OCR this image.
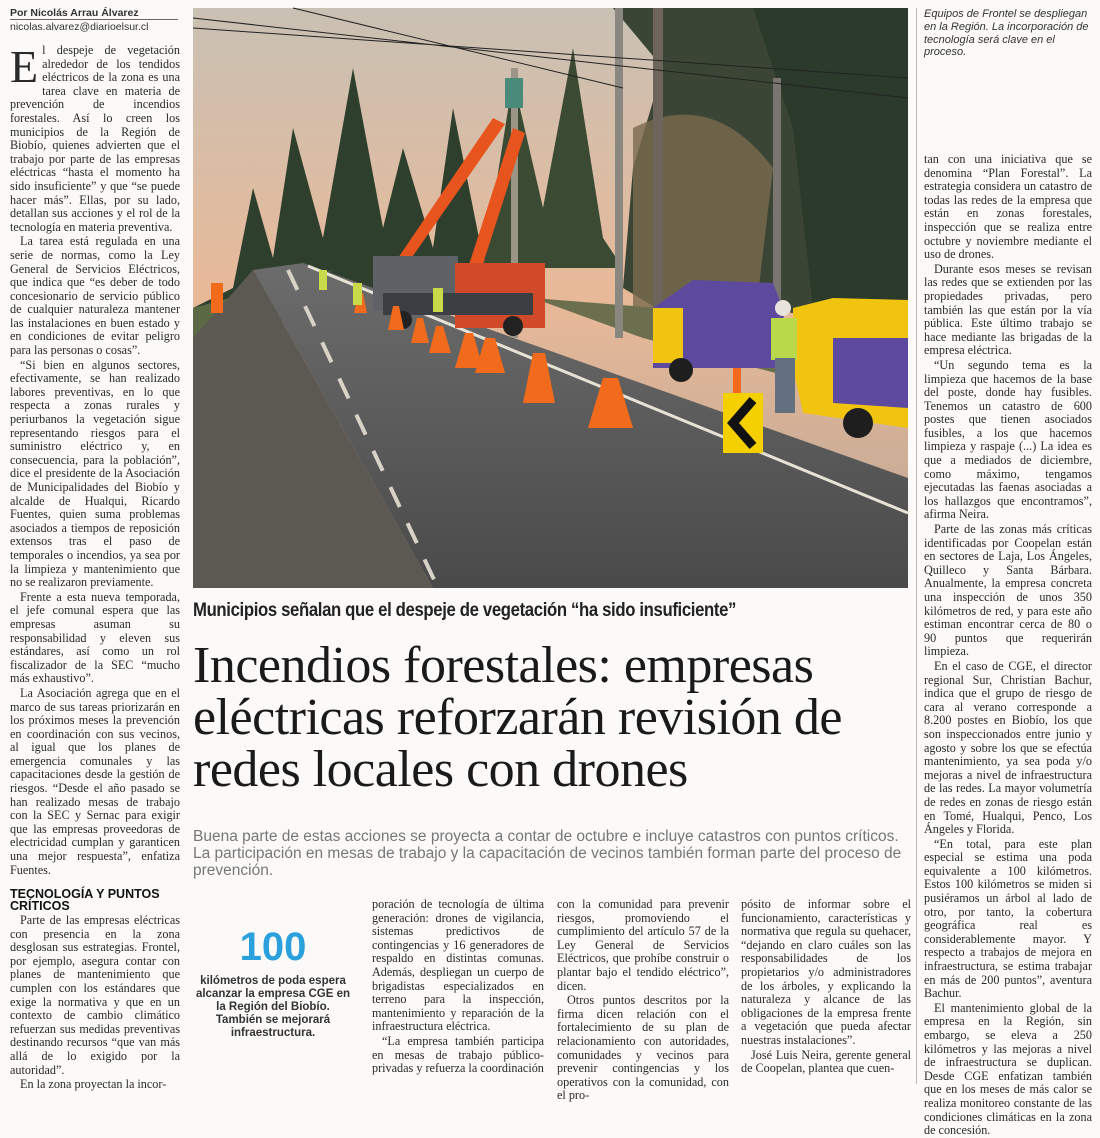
Por Nicolás Arrau Álvarez
nicolas.alvarez@diarioelsur.cl

El despeje de vegetación alrededor de los tendidos eléctricos de la zona es una tarea clave en materia de prevención de incendios forestales. Así lo creen los municipios de la Región de Biobío, quienes advierten que el trabajo por parte de las empresas eléctricas “hasta el momento ha sido insuficiente” y que “se puede hacer más”. Ellas, por su lado, detallan sus acciones y el rol de la tecnología en materia preventiva.

La tarea está regulada en una serie de normas, como la Ley General de Servicios Eléctricos, que indica que “es deber de todo concesionario de servicio público de cualquier naturaleza mantener las instalaciones en buen estado y en condiciones de evitar peligro para las personas o cosas”.

“Si bien en algunos sectores, efectivamente, se han realizado labores preventivas, en lo que respecta a zonas rurales y periurbanos la vegetación sigue representando riesgos para el suministro eléctrico y, en consecuencia, para la población”, dice el presidente de la Asociación de Municipalidades del Biobío y alcalde de Hualqui, Ricardo Fuentes, quien suma problemas asociados a tiempos de reposición extensos tras el paso de temporales o incendios, ya sea por la limpieza y mantenimiento que no se realizaron previamente.

Frente a esta nueva temporada, el jefe comunal espera que las empresas asuman su responsabilidad y eleven sus estándares, así como un rol fiscalizador de la SEC “mucho más exhaustivo”.

La Asociación agrega que en el marco de sus tareas priorizarán en los próximos meses la prevención en coordinación con sus vecinos, al igual que los planes de emergencia comunales y las capacitaciones desde la gestión de riesgos. “Desde el año pasado se han realizado mesas de trabajo con la SEC y Sernac para exigir que las empresas proveedoras de electricidad cumplan y garanticen una mejor respuesta”, enfatiza Fuentes.

TECNOLOGÍA Y PUNTOS CRÍTICOS

Parte de las empresas eléctricas con presencia en la zona desglosan sus estrategias. Frontel, por ejemplo, asegura contar con planes de mantenimiento que cumplen con los estándares que exige la normativa y que en un contexto de cambio climático refuerzan sus medidas preventivas destinando recursos “que van más allá de lo exigido por la autoridad”.

En la zona proyectan la incor-

Equipos de Frontel se despliegan en la Región. La incorporación de tecnología será clave en el proceso.

tan con una iniciativa que se denomina “Plan Forestal”. La estrategia considera un catastro de todas las redes de la empresa que están en zonas forestales, inspección que se realiza entre octubre y noviembre mediante el uso de drones.

Durante esos meses se revisan las redes que se extienden por las propiedades privadas, pero también las que están por la vía pública. Este último trabajo se hace mediante las brigadas de la empresa eléctrica.

“Un segundo tema es la limpieza que hacemos de la base del poste, donde hay fusibles. Tenemos un catastro de 600 postes que tienen asociados fusibles, a los que hacemos limpieza y raspaje (...) La idea es que a mediados de diciembre, como máximo, tengamos ejecutadas las faenas asociadas a los hallazgos que encontramos”, afirma Neira.

Parte de las zonas más críticas identificadas por Coopelan están en sectores de Laja, Los Ángeles, Quilleco y Santa Bárbara. Anualmente, la empresa concreta una inspección de unos 350 kilómetros de red, y para este año estiman encontrar cerca de 80 o 90 puntos que requerirán limpieza.

En el caso de CGE, el director regional Sur, Christian Bachur, indica que el grupo de riesgo de cara al verano corresponde a 8.200 postes en Biobío, los que son inspeccionados entre junio y agosto y sobre los que se efectúa mantenimiento, ya sea poda y/o mejoras a nivel de infraestructura de las redes. La mayor volumetría de redes en zonas de riesgo están en Tomé, Hualqui, Penco, Los Ángeles y Florida.

“En total, para este plan especial se estima una poda equivalente a 100 kilómetros. Estos 100 kilómetros se miden si pusiéramos un árbol al lado de otro, por tanto, la cobertura geográfica real es considerablemente mayor. Y respecto a trabajos de mejora en infraestructura, se estima trabajar en más de 200 puntos”, aventura Bachur.

El mantenimiento global de la empresa en la Región, sin embargo, se eleva a 250 kilómetros y las mejoras a nivel de infraestructura se duplican. Desde CGE enfatizan también que en los meses de más calor se realiza monitoreo constante de las condiciones climáticas en la zona de concesión.

Municipios señalan que el despeje de vegetación “ha sido insuficiente”
Incendios forestales: empresas eléctricas reforzarán revisión de redes locales con drones
Buena parte de estas acciones se proyecta a contar de octubre e incluye catastros con puntos críticos. La participación en mesas de trabajo y la capacitación de vecinos también forman parte del proceso de prevención.
100
kilómetros de poda espera alcanzar la empresa CGE en la Región del Biobío. También se mejorará infraestructura.

poración de tecnología de última generación: drones de vigilancia, sistemas predictivos de contingencias y 16 generadores de respaldo en distintas comunas. Además, despliegan un cuerpo de brigadistas especializados en terreno para la inspección, mantenimiento y reparación de la infraestructura eléctrica.

“La empresa también participa en mesas de trabajo público-privadas y refuerza la coordinación

con la comunidad para prevenir riesgos, promoviendo el cumplimiento del artículo 57 de la Ley General de Servicios Eléctricos, que prohíbe construir o plantar bajo el tendido eléctrico”, dicen.

Otros puntos descritos por la firma dicen relación con el fortalecimiento de su plan de relacionamiento con autoridades, comunidades y vecinos para prevenir contingencias y los operativos con la comunidad, con el pro-

pósito de informar sobre el funcionamiento, características y normativa que regula su quehacer, “dejando en claro cuáles son las responsabilidades de los propietarios y/o administradores de los árboles, y explicando la naturaleza y alcance de las obligaciones de la empresa frente a vegetación que pueda afectar nuestras instalaciones”.

José Luis Neira, gerente general de Coopelan, plantea que cuen-
